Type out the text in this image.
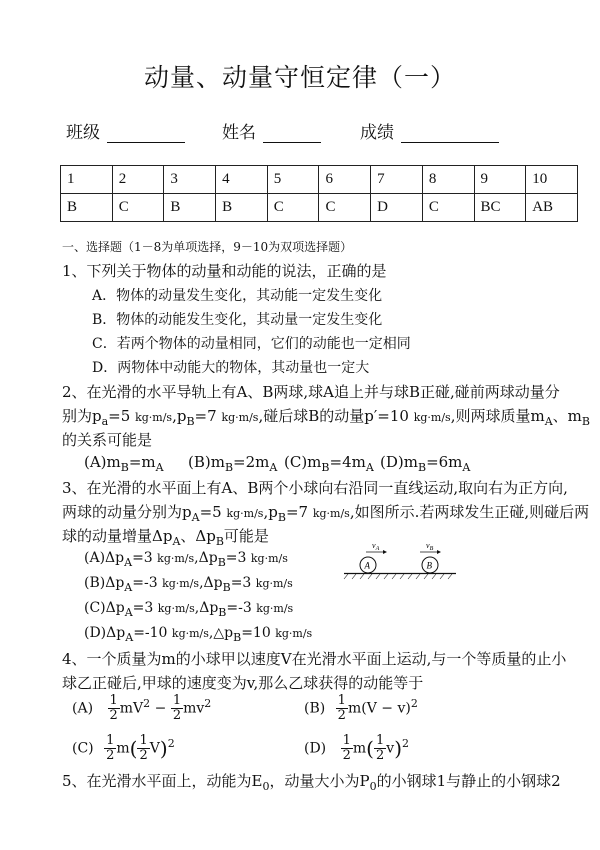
动量、动量守恒定律（一）
班级	姓名	成绩
1	2	3	4	5	6	7	8	9	10
B	C	B	B	C	C	D	C	BC	AB
一、选择题（1－8为单项选择，9－10为双项选择题）
1、下列关于物体的动量和动能的说法，正确的是
A．物体的动量发生变化，其动能一定发生变化
B．物体的动能发生变化，其动量一定发生变化
C．若两个物体的动量相同，它们的动能也一定相同
D．两物体中动能大的物体，其动量也一定大
2、在光滑的水平导轨上有A、B两球,球A追上并与球B正碰,碰前两球动量分
别为$p_a=5$ $kg\cdot m/s,p_B=7$ kg·m/s,碰后球B的动量p′=10 kg·m/s,则两球质量$m_A$、$m_B$
的关系可能是
$(A)m_B=m_A$ $(B)m_B=2m_A$ $(C)m_B=4m_A$ $(D)m_B=6m_A$
3、在光滑的水平面上有A、B两个小球向右沿同一直线运动,取向右为正方向,
两球的动量分别为$p_A=5$ $kg\cdot m/s,p_B=7$ kg·m/s,如图所示.若两球发生正碰,则碰后两
球的动量增量$\Delta p_A$、$\Delta p_B$可能是
$(A)\Delta p_A=3$ $kg\cdot m/s,\Delta p_B=3$ kg·m/s
$(B)\Delta p_A=-3$ $kg\cdot m/s,\Delta p_B=3$ kg·m/s
$(C)\Delta p_A=3$ $kg\cdot m/s,\Delta p_B=-3$ kg·m/s
$(D)\Delta p_A=-10$ $kg\cdot m/s,\triangle p_B=10$ kg·m/s
$v_A$	$v_B$
A	B
4、一个质量为m的小球甲以速度V在光滑水平面上运动,与一个等质量的止小
球乙正碰后,甲球的速度变为v,那么乙球获得的动能等于
$(A) \frac{1}{2} mV^2 - \frac{1}{2} mv^2$	$(B) \frac{1}{2} m(V - v)^2$
$(C) \frac{1}{2} m( \frac{1}{2} V)^2$	$(D) \frac{1}{2} m( \frac{1}{2} v)^2$
5、在光滑水平面上，动能为$E_0$，动量大小为$P_0$的小钢球1与静止的小钢球2
